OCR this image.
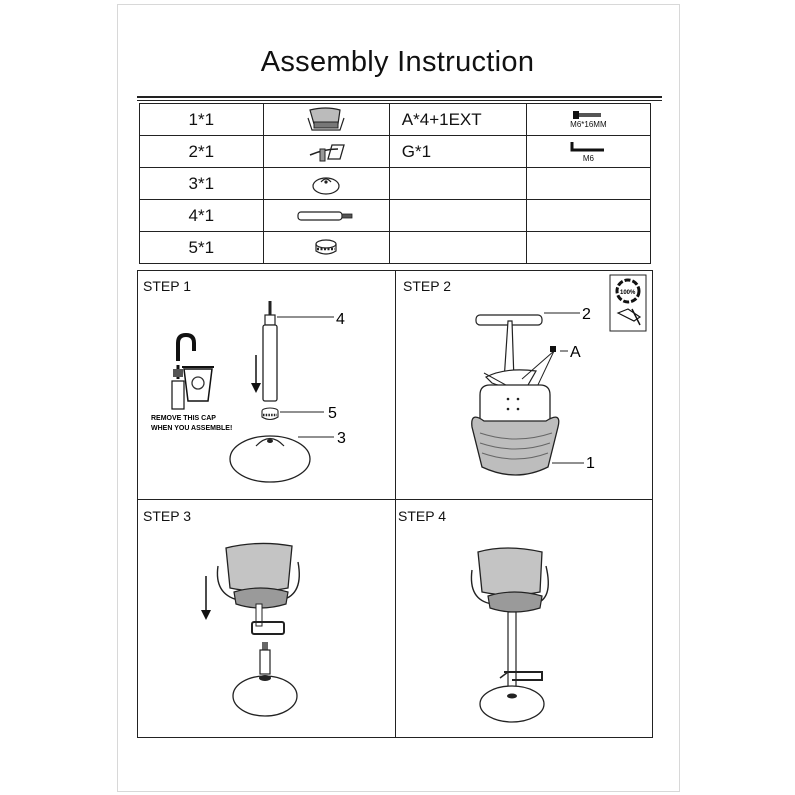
Assembly Instruction
1*1		A*4+1EXT	M6*16MM

2*1		G*1	M6

3*1			
4*1			
5*1			
STEP 1
REMOVE THIS CAP
WHEN YOU ASSEMBLE!
4
5
3
STEP 2	100%
2
A
1
STEP 3	STEP 4
